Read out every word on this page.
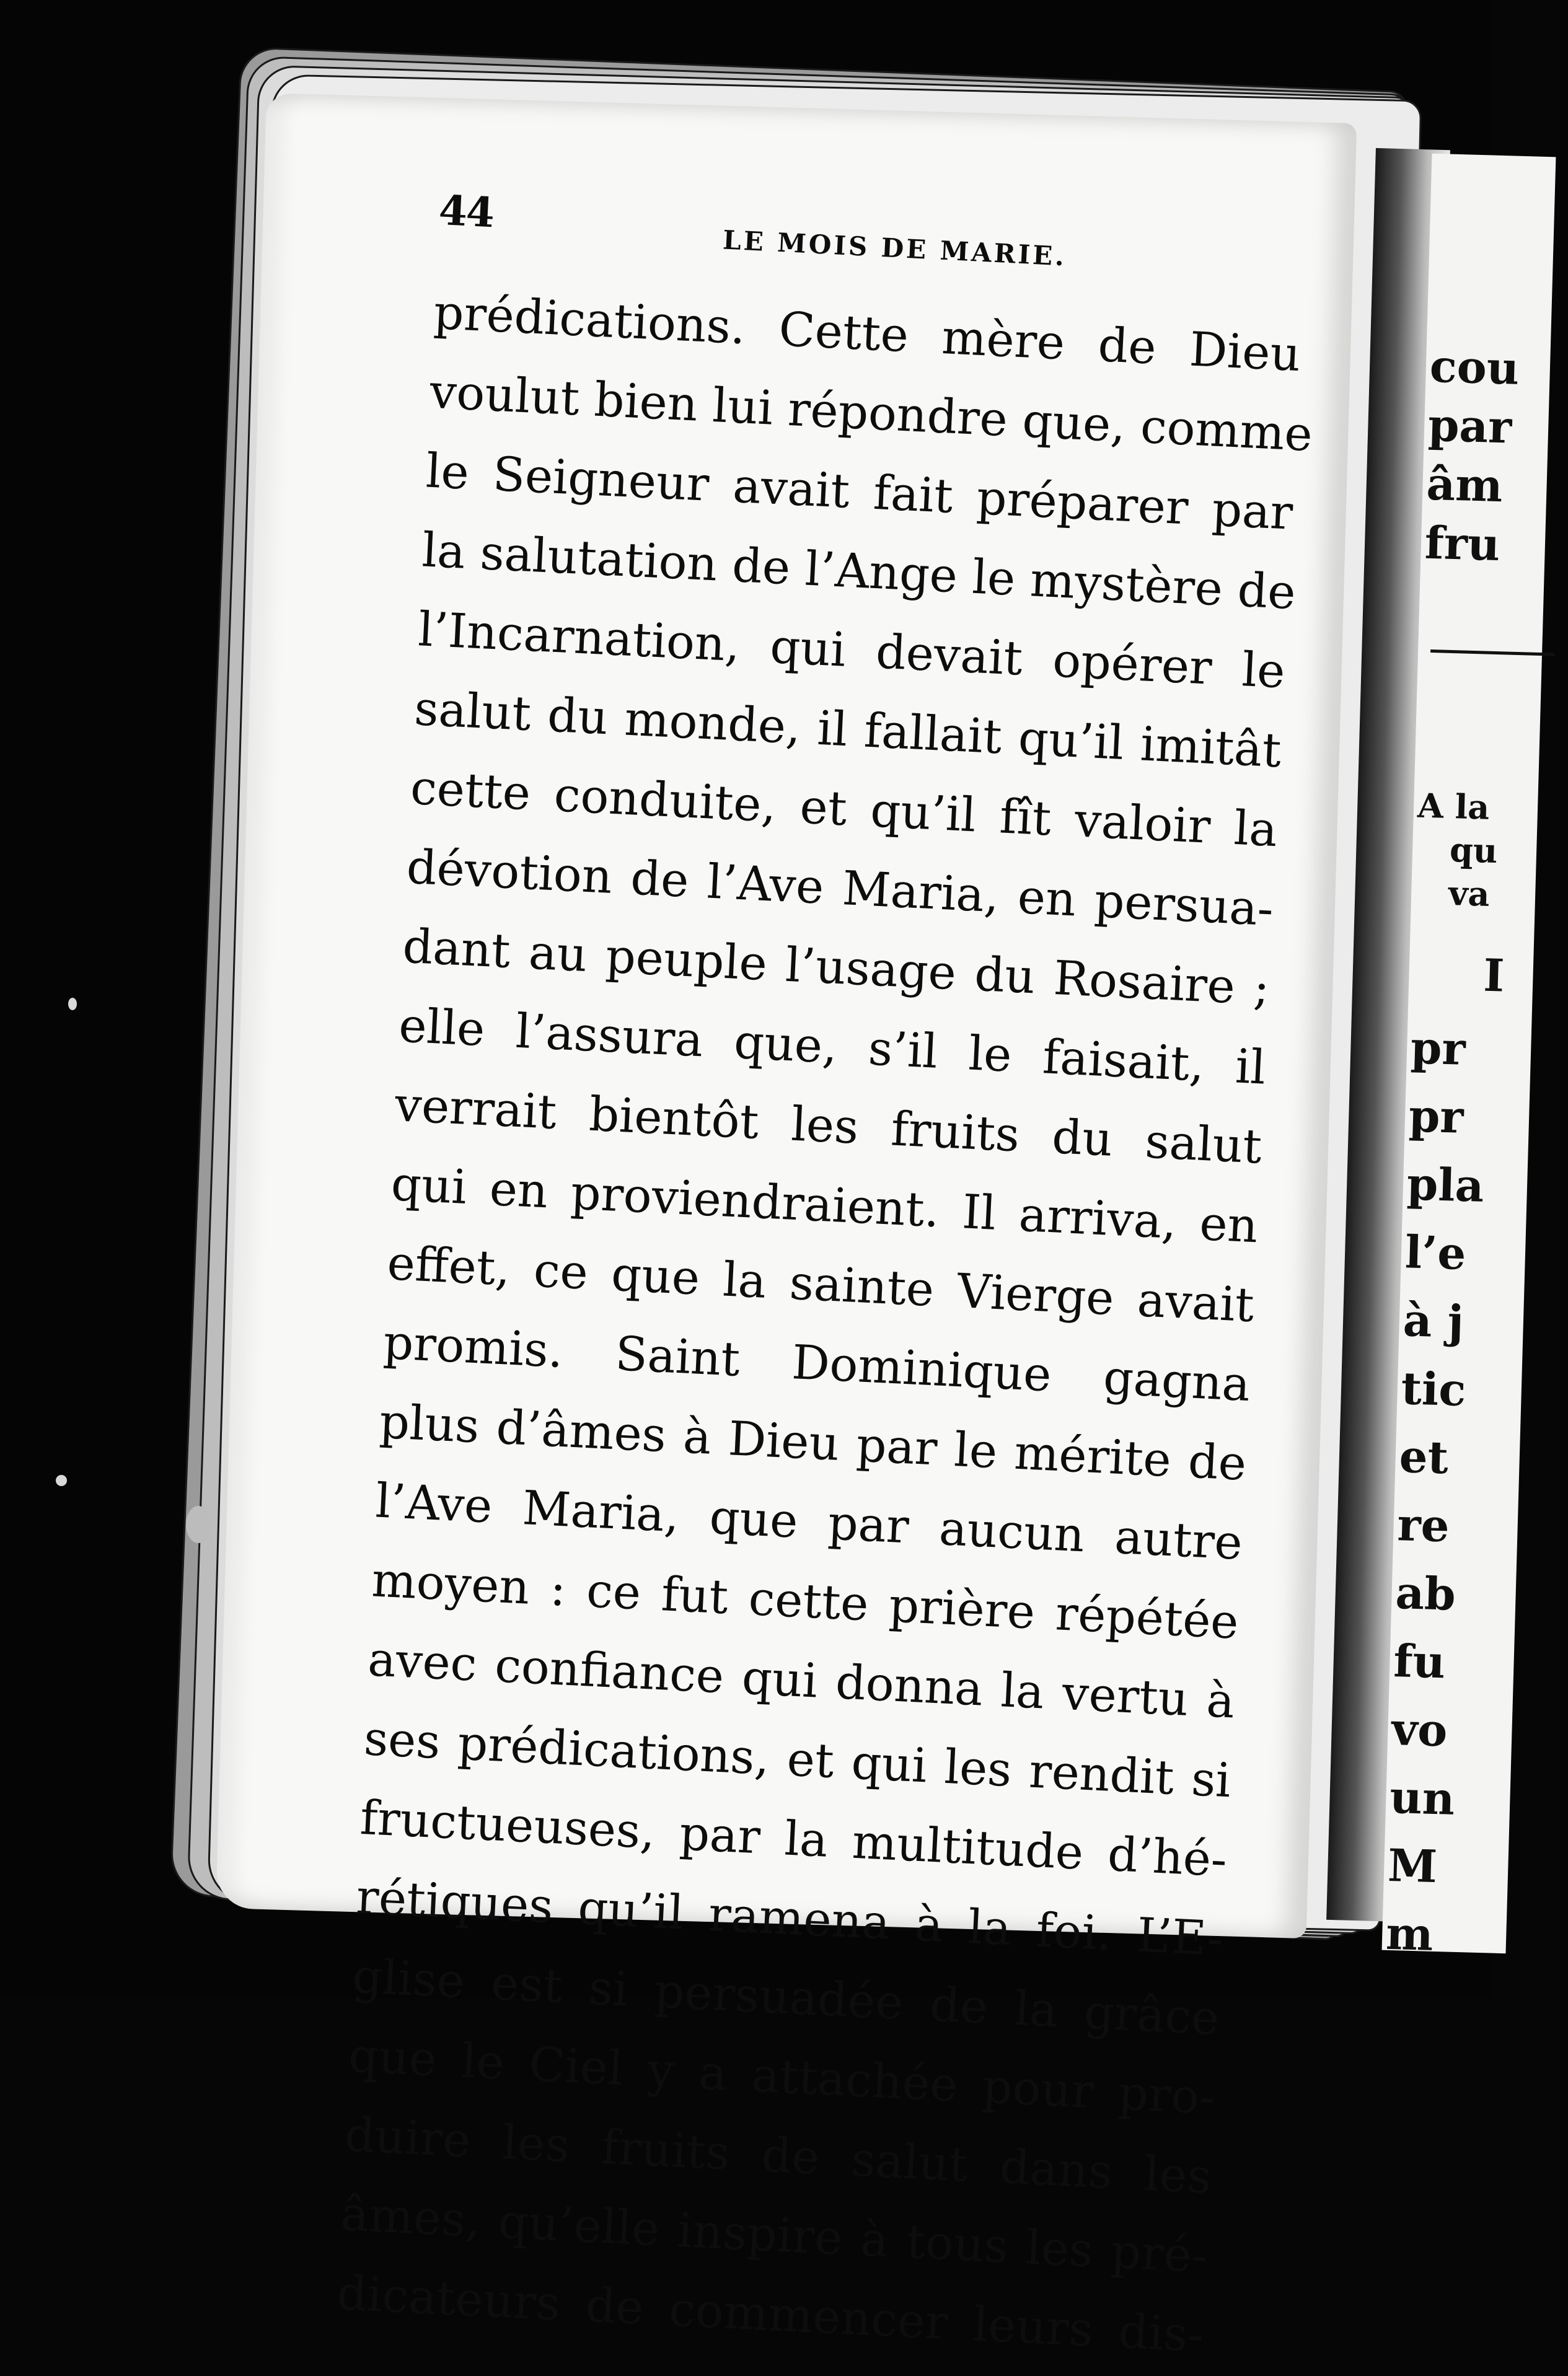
cou
par
âm
fru
A la
qu
va
I
pr
pr
pla
l’e
à j
tic
et
re
ab
fu
vo
un
M
m
44
LE MOIS DE MARIE.
prédications. Cette mère de Dieu
voulut bien lui répondre que, comme
le Seigneur avait fait préparer par
la salutation de l’Ange le mystère de
l’Incarnation, qui devait opérer le
salut du monde, il fallait qu’il imitât
cette conduite, et qu’il fît valoir la
dévotion de l’Ave Maria, en persua-
dant au peuple l’usage du Rosaire ;
elle l’assura que, s’il le faisait, il
verrait bientôt les fruits du salut
qui en proviendraient. Il arriva, en
effet, ce que la sainte Vierge avait
promis. Saint Dominique gagna
plus d’âmes à Dieu par le mérite de
l’Ave Maria, que par aucun autre
moyen : ce fut cette prière répétée
avec confiance qui donna la vertu à
ses prédications, et qui les rendit si
fructueuses, par la multitude d’hé-
rétiques qu’il ramena à la foi. L’E-
glise est si persuadée de la grâce
que le Ciel y a attachée pour pro-
duire les fruits de salut dans les
âmes, qu’elle inspire à tous les pré-
dicateurs de commencer leurs dis-
